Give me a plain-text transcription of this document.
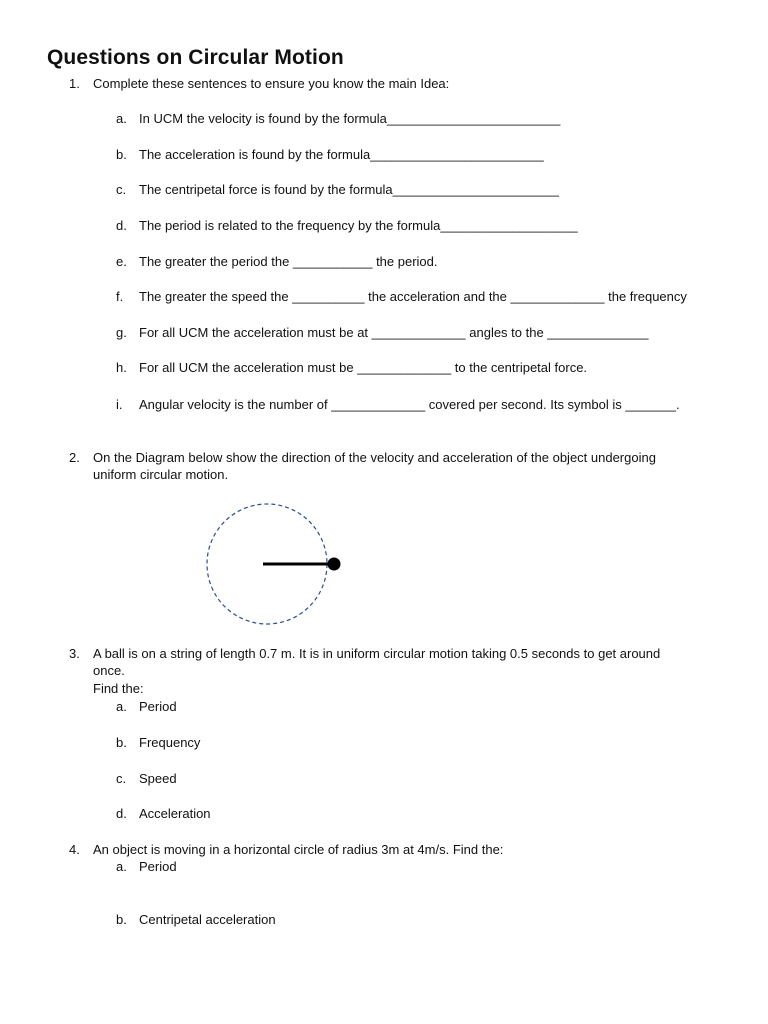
Questions on Circular Motion
1. Complete these sentences to ensure you know the main Idea:
a. In UCM the velocity is found by the formula________________________
b. The acceleration is found by the formula________________________
c. The centripetal force is found by the formula_______________________
d. The period is related to the frequency by the formula___________________
e. The greater the period the ___________ the period.
f. The greater the speed the __________ the acceleration and the _____________ the frequency
g. For all UCM the acceleration must be at _____________ angles to the ______________
h. For all UCM the acceleration must be _____________ to the centripetal force.
i. Angular velocity is the number of _____________ covered per second. Its symbol is _______.
2. On the Diagram below show the direction of the velocity and acceleration of the object undergoing
uniform circular motion.
3. A ball is on a string of length 0.7 m. It is in uniform circular motion taking 0.5 seconds to get around
once.
Find the:
a. Period
b. Frequency
c. Speed
d. Acceleration
4. An object is moving in a horizontal circle of radius 3m at 4m/s. Find the:
a. Period
b. Centripetal acceleration
